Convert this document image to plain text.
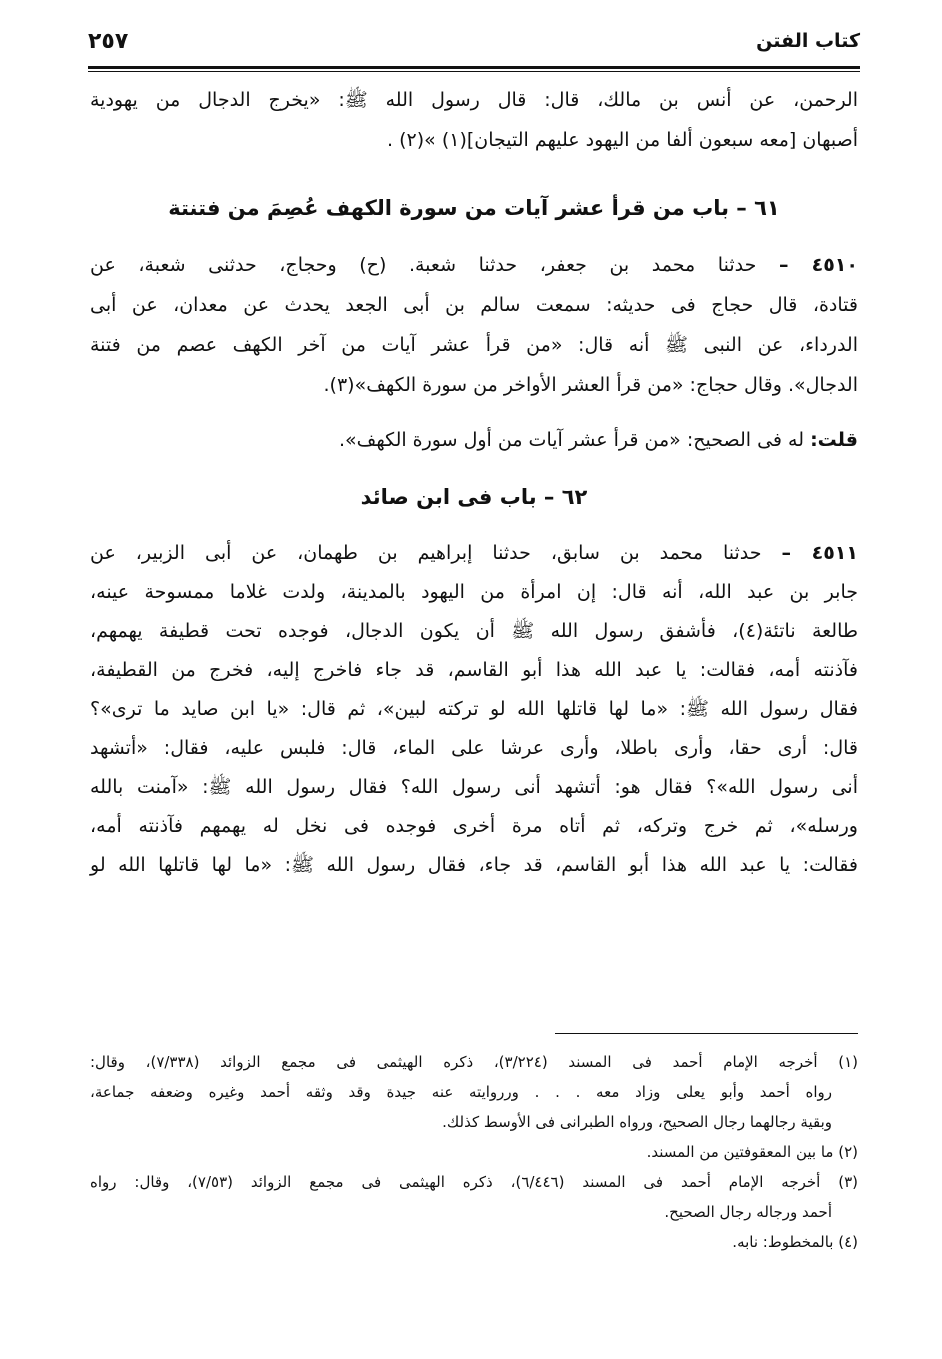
كتاب الفتن
٢٥٧
الرحمن، عن أنس بن مالك، قال: قال رسول الله ﷺ: «يخرج الدجال من يهودية
أصبهان [معه سبعون ألفا من اليهود عليهم التيجان](١) »(٢) .
٦١ – باب من قرأ عشر آيات من سورة الكهف عُصِمَ من فتنتة
٤٥١٠ – حدثنا محمد بن جعفر، حدثنا شعبة. (ح) وحجاج، حدثنى شعبة، عن
قتادة، قال حجاج فى حديثه: سمعت سالم بن أبى الجعد يحدث عن معدان، عن أبى
الدرداء، عن النبى ﷺ أنه قال: «من قرأ عشر آيات من آخر الكهف عصم من فتنة
الدجال». وقال حجاج: «من قرأ العشر الأواخر من سورة الكهف»(٣).
قلت: له فى الصحيح: «من قرأ عشر آيات من أول سورة الكهف».
٦٢ – باب فى ابن صائد
٤٥١١ – حدثنا محمد بن سابق، حدثنا إبراهيم بن طهمان، عن أبى الزبير، عن
جابر بن عبد الله، أنه قال: إن امرأة من اليهود بالمدينة، ولدت غلاما ممسوحة عينه،
طالعة ناتئة(٤)، فأشفق رسول الله ﷺ أن يكون الدجال، فوجده تحت قطيفة يهمهم،
فآذنته أمه، فقالت: يا عبد الله هذا أبو القاسم، قد جاء فاخرج إليه، فخرج من القطيفة،
فقال رسول الله ﷺ: «ما لها قاتلها الله لو تركته لبين»، ثم قال: «يا ابن صايد ما ترى»؟
قال: أرى حقا، وأرى باطلا، وأرى عرشا على الماء، قال: فلبس عليه، فقال: «أتشهد
أنى رسول الله»؟ فقال هو: أتشهد أنى رسول الله؟ فقال رسول الله ﷺ: «آمنت بالله
ورسله»، ثم خرج وتركه، ثم أتاه مرة أخرى فوجده فى نخل له يهمهم فآذنته أمه،
فقالت: يا عبد الله هذا أبو القاسم، قد جاء، فقال رسول الله ﷺ: «ما لها قاتلها الله لو
(١) أخرجه الإمام أحمد فى المسند (٣/٢٢٤)، ذكره الهيثمى فى مجمع الزوائد (٧/٣٣٨)، وقال:
رواه أحمد وأبو يعلى وزاد معه . . . ورروايته عنه جيدة وقد وثقه أحمد وغيره وضعفه جماعة،
وبقية رجالهما رجال الصحيح، ورواه الطبرانى فى الأوسط كذلك.
(٢) ما بين المعقوفتين من المسند.
(٣) أخرجه الإمام أحمد فى المسند (٦/٤٤٦)، ذكره الهيثمى فى مجمع الزوائد (٧/٥٣)، وقال: رواه
أحمد ورجاله رجال الصحيح.
(٤) بالمخطوط: نابه.
